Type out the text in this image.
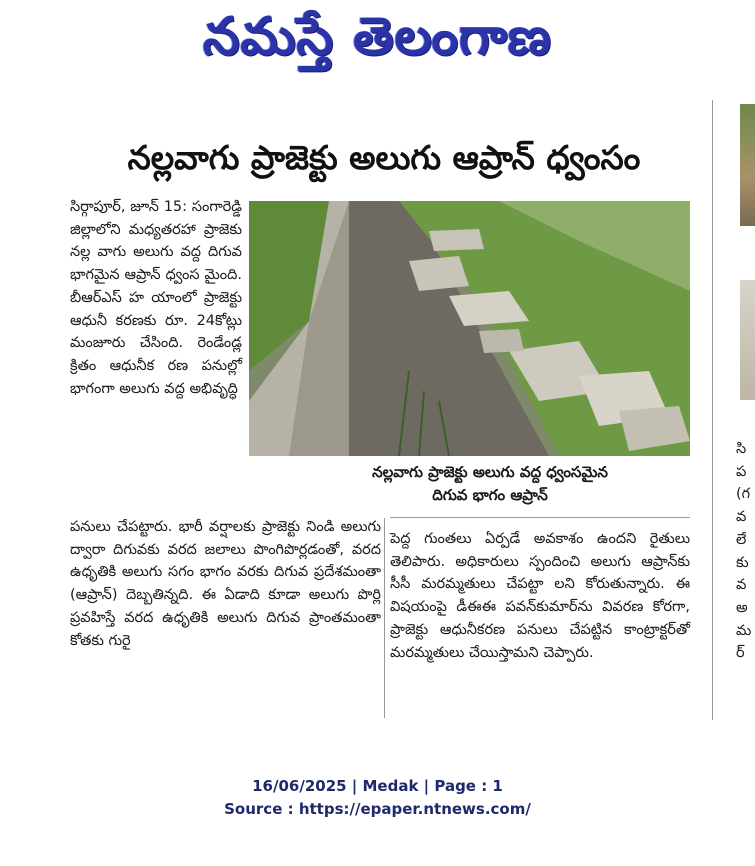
నమస్తే తెలంగాణ
నల్లవాగు ప్రాజెక్టు అలుగు ఆప్రాన్ ధ్వంసం
సిర్గాపూర్, జూన్ 15: సంగారెడ్డి జిల్లాలోని మధ్యతరహా ప్రాజెకు నల్ల వాగు అలుగు వద్ద దిగువ భాగమైన ఆప్రాన్ ధ్వంస మైంది. బీఆర్ఎస్ హ యాంలో ప్రాజెక్టు ఆధునీ కరణకు రూ. 24కోట్లు మంజూరు చేసింది. రెండేండ్ల క్రితం ఆధునీక రణ పనుల్లో భాగంగా అలుగు వద్ద అభివృద్ధి
నల్లవాగు ప్రాజెక్టు అలుగు వద్ద ధ్వంసమైన
దిగువ భాగం ఆప్రాన్
పనులు చేపట్టారు. భారీ వర్షాలకు ప్రాజెక్టు నిండి అలుగు ద్వారా దిగువకు వరద జలాలు పొంగిపొర్లడంతో, వరద ఉధృతికి అలుగు సగం భాగం వరకు దిగువ ప్రదేశమంతా (ఆప్రాన్) దెబ్బతిన్నది. ఈ ఏడాది కూడా అలుగు పొర్లి ప్రవహిస్తే వరద ఉధృతికి అలుగు దిగువ ప్రాంతమంతా కోతకు గురై
పెద్ద గుంతలు ఏర్పడే అవకాశం ఉందని రైతులు తెలిపారు. అధికారులు స్పందించి అలుగు ఆప్రాన్‌కు సీసీ మరమ్మతులు చేపట్టా లని కోరుతున్నారు. ఈ విషయంపై డీఈఈ పవన్‌కుమార్‌ను వివరణ కోరగా, ప్రాజెక్టు ఆధునీకరణ పనులు చేపట్టిన కాంట్రాక్టర్‌తో మరమ్మతులు చేయిస్తామని చెప్పారు.
సి
ప
(గ
వ
లే
కు
వ
అ
మ
ర్
16/06/2025 | Medak | Page : 1
Source : https://epaper.ntnews.com/
